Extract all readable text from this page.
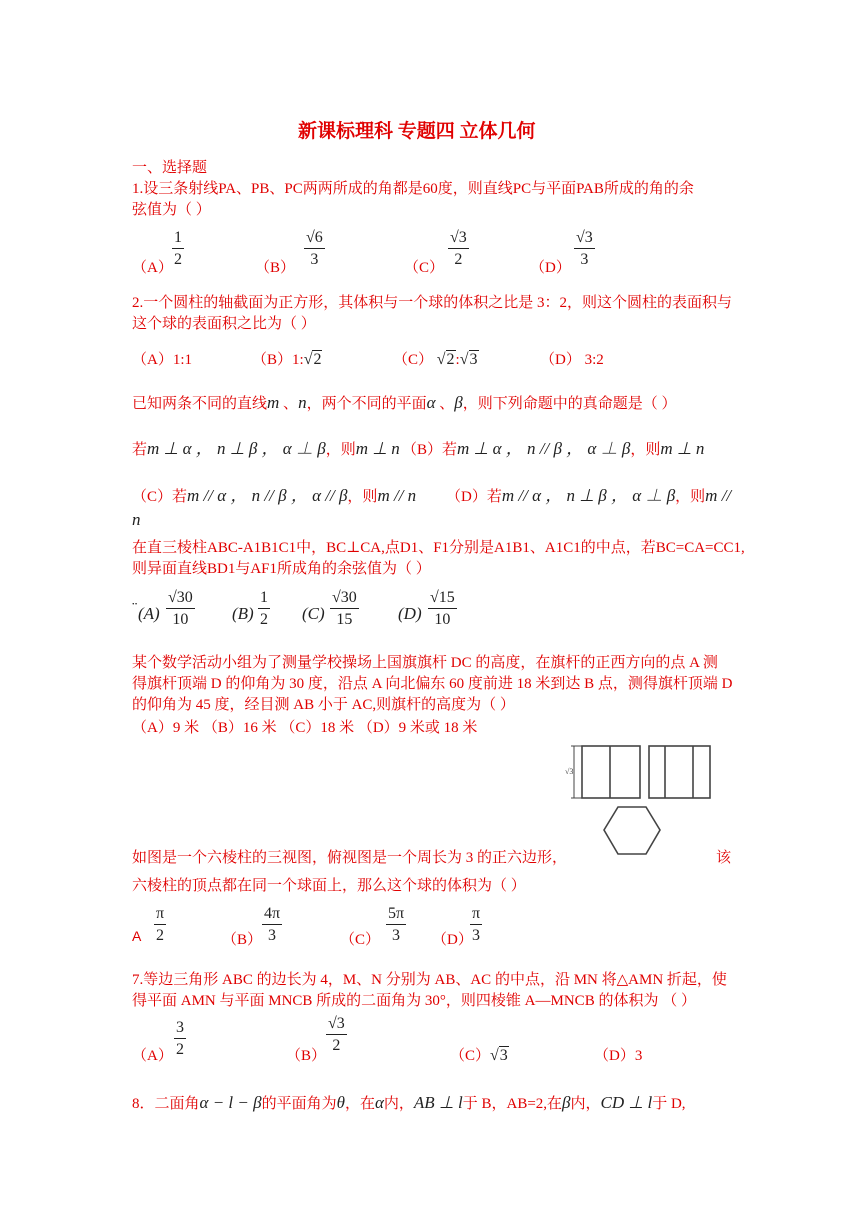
新课标理科 专题四 立体几何
一、选择题
1.设三条射线PA、PB、PC两两所成的角都是60度，则直线PC与平面PAB所成的角的余
弦值为（ ）
$(A) \frac{1}{2}$	$(B) \frac{√6}{3}$	$(C) \frac{√3}{2}$	$(D) \frac{√3}{3}$
2.一个圆柱的轴截面为正方形，其体积与一个球的体积之比是 3：2，则这个圆柱的表面积与
这个球的表面积之比为（ ）
（A）1:1	（B）1:√2	（C） √2:√3	（D） 3:2
已知两条不同的直线m 、n，两个不同的平面α 、β，则下列命题中的真命题是（ ）
若m ⊥ α ， n ⊥ β ， α ⊥ β，则m ⊥ n （B）若m ⊥ α ， n // β ， α ⊥ β，则m ⊥ n
（C）若m // α ， n // β ， α // β，则m // n （D）若m // α ， n ⊥ β ， α ⊥ β，则m //
n
在直三棱柱ABC-A1B1C1中，BC⊥CA,点D1、F1分别是A1B1、A1C1的中点，若BC=CA=CC1,
则异面直线BD1与AF1所成角的余弦值为（ ）
¨ $(A) \frac{√30}{10} (B) \frac{1}{2} (C) \frac{√30}{15} (D) \frac{√15}{10}$
某个数学活动小组为了测量学校操场上国旗旗杆 DC 的高度，在旗杆的正西方向的点 A 测
得旗杆顶端 D 的仰角为 30 度，沿点 A 向北偏东 60 度前进 18 米到达 B 点，测得旗杆顶端 D
的仰角为 45 度，经目测 AB 小于 AC,则旗杆的高度为（ ）
（A）9 米 （B）16 米 （C）18 米 （D）9 米或 18 米
√3
如图是一个六棱柱的三视图，俯视图是一个周长为 3 的正六边形，	该
六棱柱的顶点都在同一个球面上，那么这个球的体积为（ ）
A $\frac{\pi}{2}$	$(B) \frac{4\pi}{3}$	$(C) \frac{5\pi}{3} (D)$
$\frac{\pi}{3}$
7.等边三角形 ABC 的边长为 4，M、N 分别为 AB、AC 的中点，沿 MN 将△AMN 折起，使
得平面 AMN 与平面 MNCB 所成的二面角为 30°，则四棱锥 A—MNCB 的体积为 （ ）
$(A) \frac{3}{2}$	（B）
$\frac{√3}{2}$
（C）√3	（D）3
8．二面角α − l − β的平面角为θ，在α内，AB ⊥ l于 B，AB=2,在β内，CD ⊥ l于 D,
